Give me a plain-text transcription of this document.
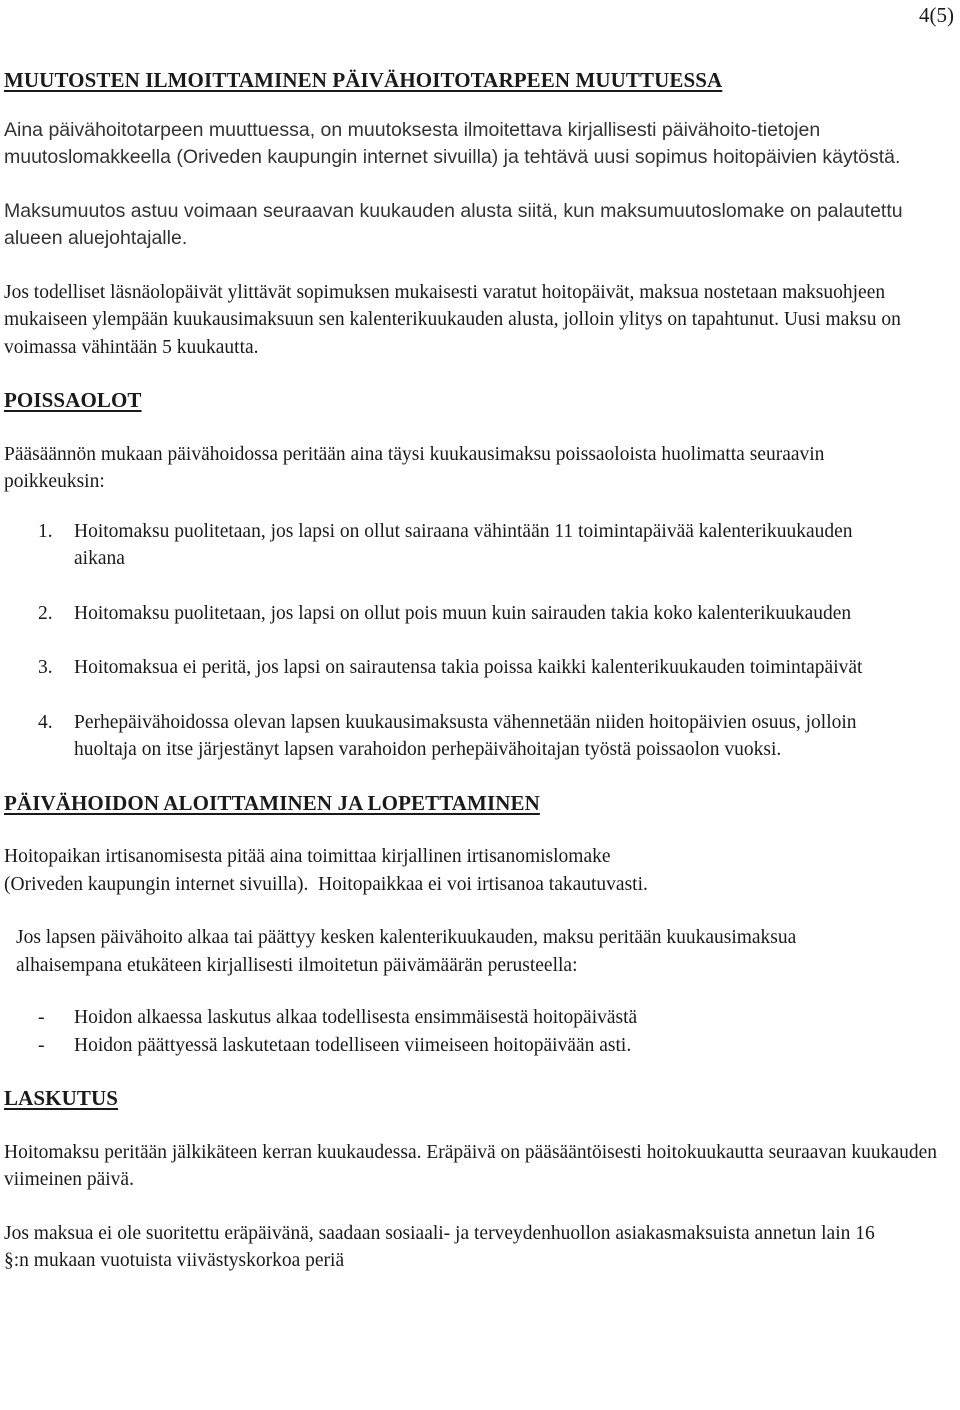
4(5)
MUUTOSTEN ILMOITTAMINEN PÄIVÄHOITOTARPEEN MUUTTUESSA

Aina päivähoitotarpeen muuttuessa, on muutoksesta ilmoitettava kirjallisesti päivähoito-tietojen muutoslomakkeella (Oriveden kaupungin internet sivuilla) ja tehtävä uusi sopimus hoitopäivien käytöstä.

Maksumuutos astuu voimaan seuraavan kuukauden alusta siitä, kun maksumuutoslomake on palautettu alueen aluejohtajalle.

Jos todelliset läsnäolopäivät ylittävät sopimuksen mukaisesti varatut hoitopäivät, maksua nostetaan maksuohjeen mukaiseen ylempään kuukausimaksuun sen kalenterikuukauden alusta, jolloin ylitys on tapahtunut. Uusi maksu on voimassa vähintään 5 kuukautta.

POISSAOLOT

Pääsäännön mukaan päivähoidossa peritään aina täysi kuukausimaksu poissaoloista huolimatta seuraavin poikkeuksin:

1. Hoitomaksu puolitetaan, jos lapsi on ollut sairaana vähintään 11 toimintapäivää kalenterikuukauden aikana
2. Hoitomaksu puolitetaan, jos lapsi on ollut pois muun kuin sairauden takia koko kalenterikuukauden
3. Hoitomaksua ei peritä, jos lapsi on sairautensa takia poissa kaikki kalenterikuukauden toimintapäivät
4. Perhepäivähoidossa olevan lapsen kuukausimaksusta vähennetään niiden hoitopäivien osuus, jolloin huoltaja on itse järjestänyt lapsen varahoidon perhepäivähoitajan työstä poissaolon vuoksi.
PÄIVÄHOIDON ALOITTAMINEN JA LOPETTAMINEN

Hoitopaikan irtisanomisesta pitää aina toimittaa kirjallinen irtisanomislomake
(Oriveden kaupungin internet sivuilla).  Hoitopaikkaa ei voi irtisanoa takautuvasti.

Jos lapsen päivähoito alkaa tai päättyy kesken kalenterikuukauden, maksu peritään kuukausimaksua alhaisempana etukäteen kirjallisesti ilmoitetun päivämäärän perusteella:

- Hoidon alkaessa laskutus alkaa todellisesta ensimmäisestä hoitopäivästä
- Hoidon päättyessä laskutetaan todelliseen viimeiseen hoitopäivään asti.
LASKUTUS

Hoitomaksu peritään jälkikäteen kerran kuukaudessa. Eräpäivä on pääsääntöisesti hoitokuukautta seuraavan kuukauden viimeinen päivä.

Jos maksua ei ole suoritettu eräpäivänä, saadaan sosiaali- ja terveydenhuollon asiakasmaksuista annetun lain 16 §:n mukaan vuotuista viivästyskorkoa periä
